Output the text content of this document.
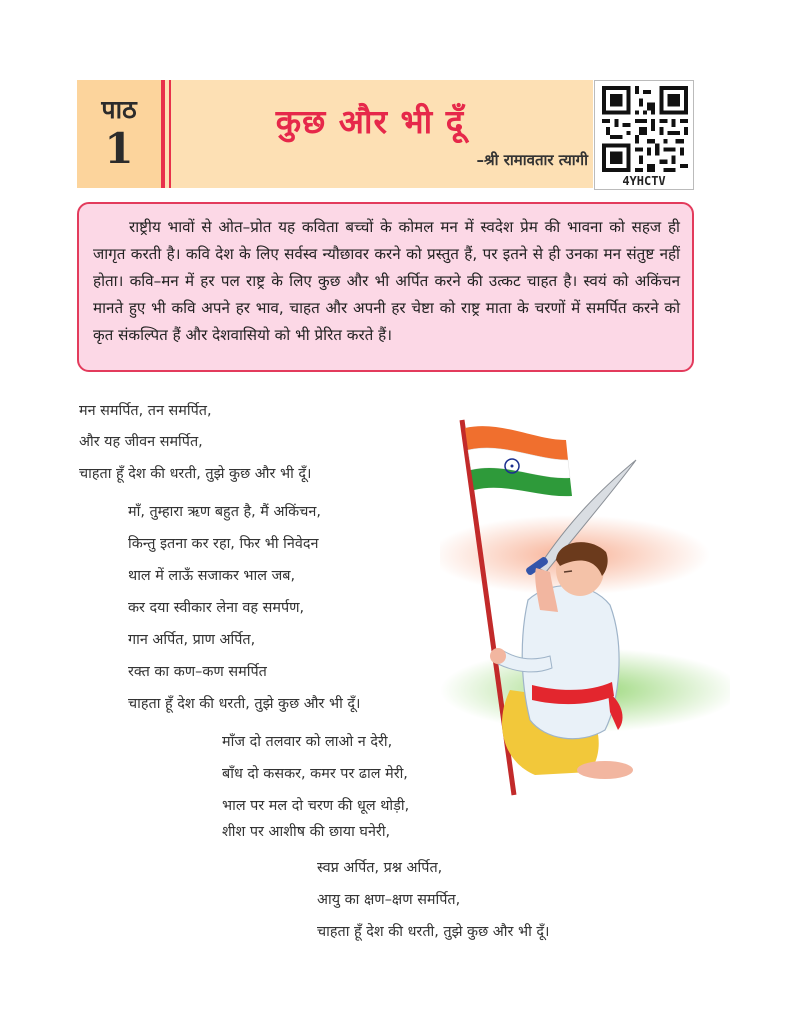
पाठ
1
कुछ और भी दूँ
–श्री रामावतार त्यागी
4YHCTV

राष्ट्रीय भावों से ओत–प्रोत यह कविता बच्चों के कोमल मन में स्वदेश प्रेम की भावना को सहज ही जागृत करती है। कवि देश के लिए सर्वस्व न्यौछावर करने को प्रस्तुत हैं, पर इतने से ही उनका मन संतुष्ट नहीं होता। कवि–मन में हर पल राष्ट्र के लिए कुछ और भी अर्पित करने की उत्कट चाहत है। स्वयं को अकिंचन मानते हुए भी कवि अपने हर भाव, चाहत और अपनी हर चेष्टा को राष्ट्र माता के चरणों में समर्पित करने को कृत संकल्पित हैं और देशवासियो को भी प्रेरित करते हैं।

मन समर्पित, तन समर्पित,
और यह जीवन समर्पित,
चाहता हूँ देश की धरती, तुझे कुछ और भी दूँ।
माँ, तुम्हारा ऋण बहुत है, मैं अकिंचन,
किन्तु इतना कर रहा, फिर भी निवेदन
थाल में लाऊँ सजाकर भाल जब,
कर दया स्वीकार लेना वह समर्पण,
गान अर्पित, प्राण अर्पित,
रक्त का कण–कण समर्पित
चाहता हूँ देश की धरती, तुझे कुछ और भी दूँ।
माँज दो तलवार को लाओ न देरी,
बाँध दो कसकर, कमर पर ढाल मेरी,
भाल पर मल दो चरण की धूल थोड़ी,
शीश पर आशीष की छाया घनेरी,
स्वप्न अर्पित, प्रश्न अर्पित,
आयु का क्षण–क्षण समर्पित,
चाहता हूँ देश की धरती, तुझे कुछ और भी दूँ।
